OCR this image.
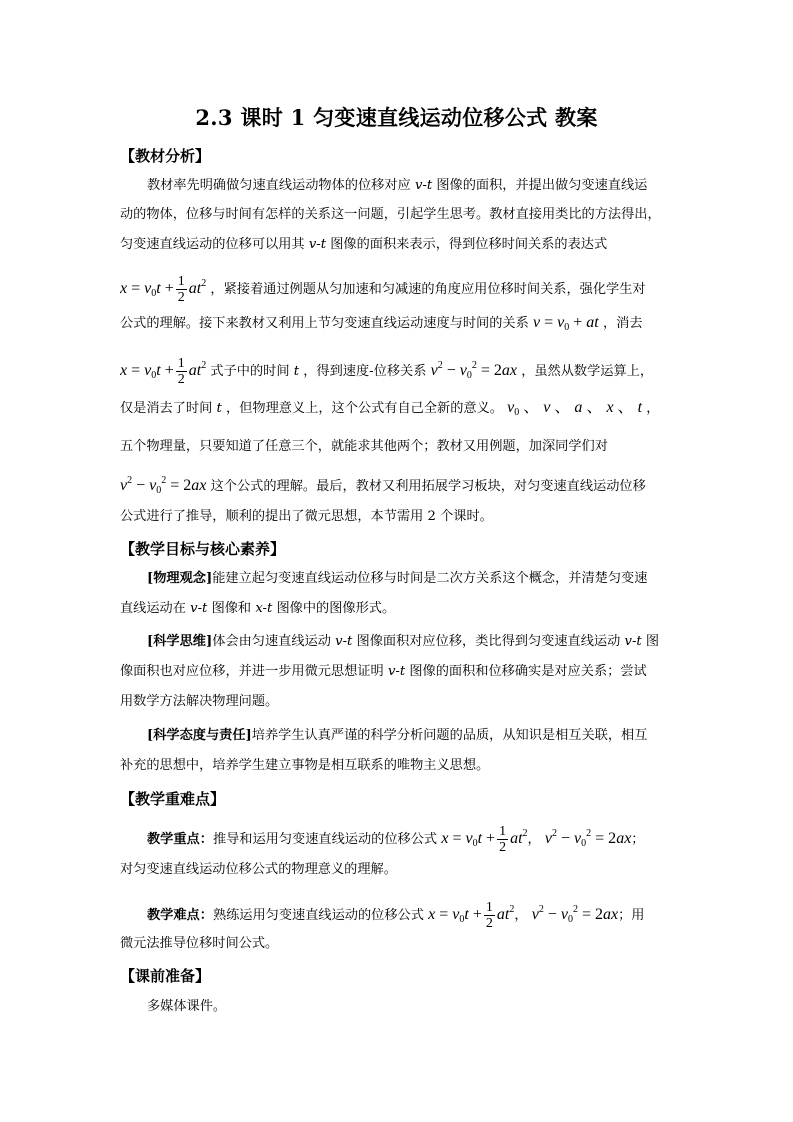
2.3 课时 1 匀变速直线运动位移公式 教案
【教材分析】
教材率先明确做匀速直线运动物体的位移对应 v-t 图像的面积，并提出做匀变速直线运
动的物体，位移与时间有怎样的关系这一问题，引起学生思考。教材直接用类比的方法得出，
匀变速直线运动的位移可以用其 v-t 图像的面积来表示，得到位移时间关系的表达式
$x = v_0t + \frac{1}{2} at^2$ ，紧接着通过例题从匀加速和匀减速的角度应用位移时间关系，强化学生对
公式的理解。接下来教材又利用上节匀变速直线运动速度与时间的关系 $v = v_0$ + at ，消去
$x = v_0t + \frac{1}{2} at^2$ 式子中的时间 t ，得到速度-位移关系 $v^2 - v_0^2 = 2ax$ ，虽然从数学运算上，
仅是消去了时间 t ，但物理意义上，这个公式有自己全新的意义。 $v_0$ 、 v 、 a 、 x 、 t ，
五个物理量，只要知道了任意三个，就能求其他两个；教材又用例题，加深同学们对
$v^2 - v_0^2 = 2ax$ 这个公式的理解。最后，教材又利用拓展学习板块，对匀变速直线运动位移
公式进行了推导，顺利的提出了微元思想，本节需用 2 个课时。
【教学目标与核心素养】
[物理观念]能建立起匀变速直线运动位移与时间是二次方关系这个概念，并清楚匀变速
直线运动在 v-t 图像和 x-t 图像中的图像形式。
[科学思维]体会由匀速直线运动 v-t 图像面积对应位移，类比得到匀变速直线运动 v-t 图
像面积也对应位移，并进一步用微元思想证明 v-t 图像的面积和位移确实是对应关系；尝试
用数学方法解决物理问题。
[科学态度与责任]培养学生认真严谨的科学分析问题的品质，从知识是相互关联，相互
补充的思想中，培养学生建立事物是相互联系的唯物主义思想。
【教学重难点】
教学重点：推导和运用匀变速直线运动的位移公式 $x = v_0t + \frac{1}{2} at^2$， $v^2 - v_0^2 = 2ax$；
对匀变速直线运动位移公式的物理意义的理解。
教学难点：熟练运用匀变速直线运动的位移公式 $x = v_0t + \frac{1}{2} at^2$， $v^2 - v_0^2 = 2ax$；用
微元法推导位移时间公式。
【课前准备】
多媒体课件。
